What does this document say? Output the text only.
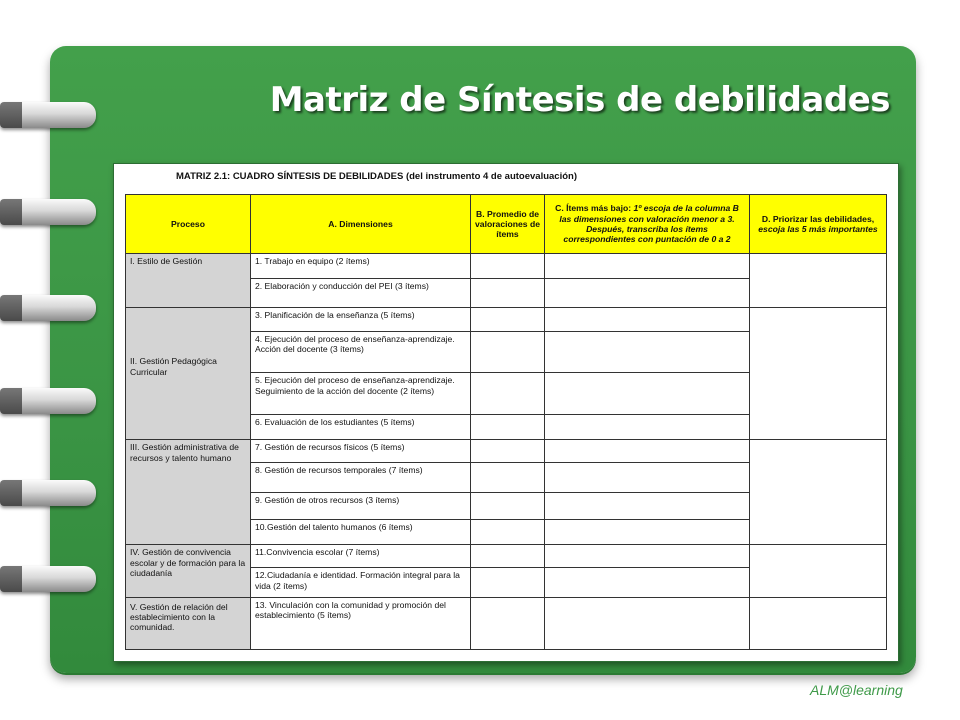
Matriz de Síntesis de debilidades
MATRIZ 2.1: CUADRO SÍNTESIS DE DEBILIDADES (del instrumento 4 de autoevaluación)
Proceso	A. Dimensiones	B. Promedio de valoraciones de ítems	C. Ítems más bajo: 1º escoja de la columna B las dimensiones con valoración menor a 3. Después, transcriba los ítems correspondientes con puntación de 0 a 2	D. Priorizar las debilidades, escoja las 5 más importantes
I. Estilo de Gestión	1. Trabajo en equipo (2 ítems)			
	2. Elaboración y conducción del PEI (3 ítems)			
II. Gestión Pedagógica Curricular	3. Planificación de la enseñanza (5 ítems)			
	4. Ejecución del proceso de enseñanza-aprendizaje. Acción del docente (3 ítems)			
	5. Ejecución del proceso de enseñanza-aprendizaje. Seguimiento de la acción del docente (2 ítems)			
	6. Evaluación de los estudiantes (5 ítems)			
III. Gestión administrativa de recursos y talento humano	7. Gestión de recursos físicos (5 ítems)			
	8. Gestión de recursos temporales (7 ítems)			
	9. Gestión de otros recursos (3 ítems)			
	10.Gestión del talento humanos (6 ítems)			
IV. Gestión de convivencia escolar y de formación para la ciudadanía	11.Convivencia escolar (7 ítems)			
	12.Ciudadanía e identidad. Formación integral para la vida (2 ítems)			
V. Gestión de relación del establecimiento con la comunidad.	13. Vinculación con la comunidad y promoción del establecimiento (5 ítems)			
ALM@learning
